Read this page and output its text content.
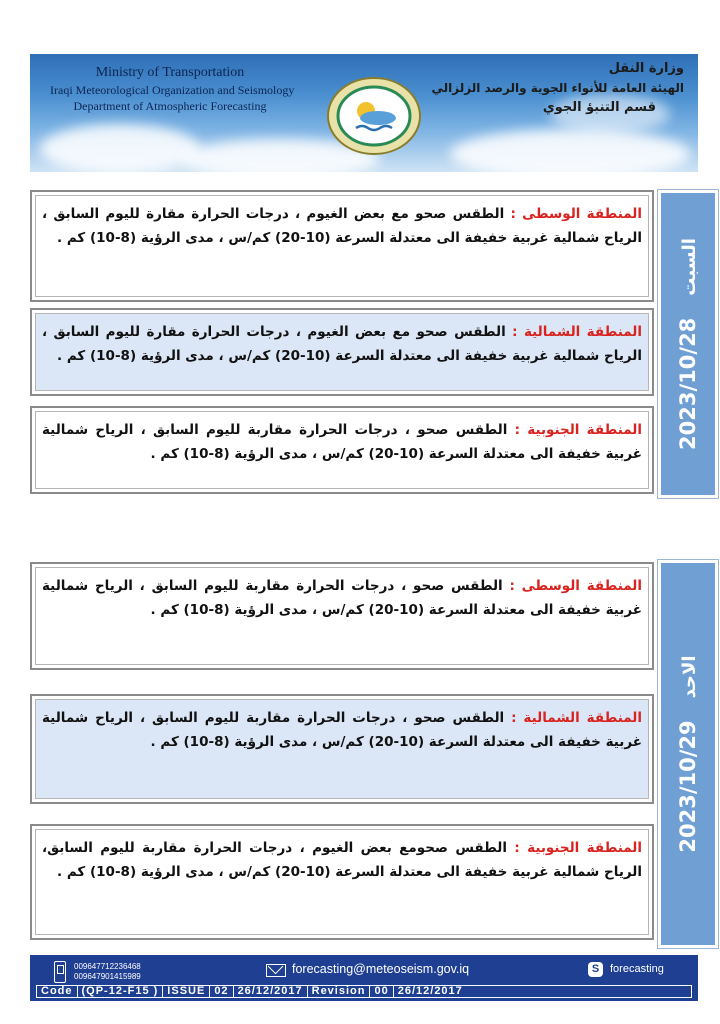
Ministry of Transportation
Iraqi Meteorological Organization and Seismology
Department of Atmospheric Forecasting
وزارة النقل
الهيئة العامة للأنواء الجوية والرصد الزلزالي
قسم التنبؤ الجوي
2023/10/28السبت
المنطقة الوسطى : الطقس صحو مع بعض الغيوم ، درجات الحرارة مقارة لليوم السابق ، الرياح شمالية غربية خفيفة الى معتدلة السرعة (10-20) كم/س ، مدى الرؤية (8-10) كم .
المنطقة الشمالية : الطقس صحو مع بعض الغيوم ، درجات الحرارة مقارة لليوم السابق ، الرياح شمالية غربية خفيفة الى معتدلة السرعة (10-20) كم/س ، مدى الرؤية (8-10) كم .
المنطقة الجنوبية : الطقس صحو ، درجات الحرارة مقاربة لليوم السابق ، الرياح شمالية غربية خفيفة الى معتدلة السرعة (10-20) كم/س ، مدى الرؤية (8-10) كم .
2023/10/29الاحد
المنطقة الوسطى : الطقس صحو ، درجات الحرارة مقاربة لليوم السابق ، الرياح شمالية غربية خفيفة الى معتدلة السرعة (10-20) كم/س ، مدى الرؤية (8-10) كم .
المنطقة الشمالية : الطقس صحو ، درجات الحرارة مقاربة لليوم السابق ، الرياح شمالية غربية خفيفة الى معتدلة السرعة (10-20) كم/س ، مدى الرؤية (8-10) كم .
المنطقة الجنوبية : الطقس صحومع بعض الغيوم ، درجات الحرارة مقاربة لليوم السابق، الرياح شمالية غربية خفيفة الى معتدلة السرعة (10-20) كم/س ، مدى الرؤية (8-10) كم .
009647712236468
009647901415989
forecasting@meteoseism.gov.iq	S forecasting
Code (QP-12-F15 ) ISSUE 02 26/12/2017 Revision 00 26/12/2017
